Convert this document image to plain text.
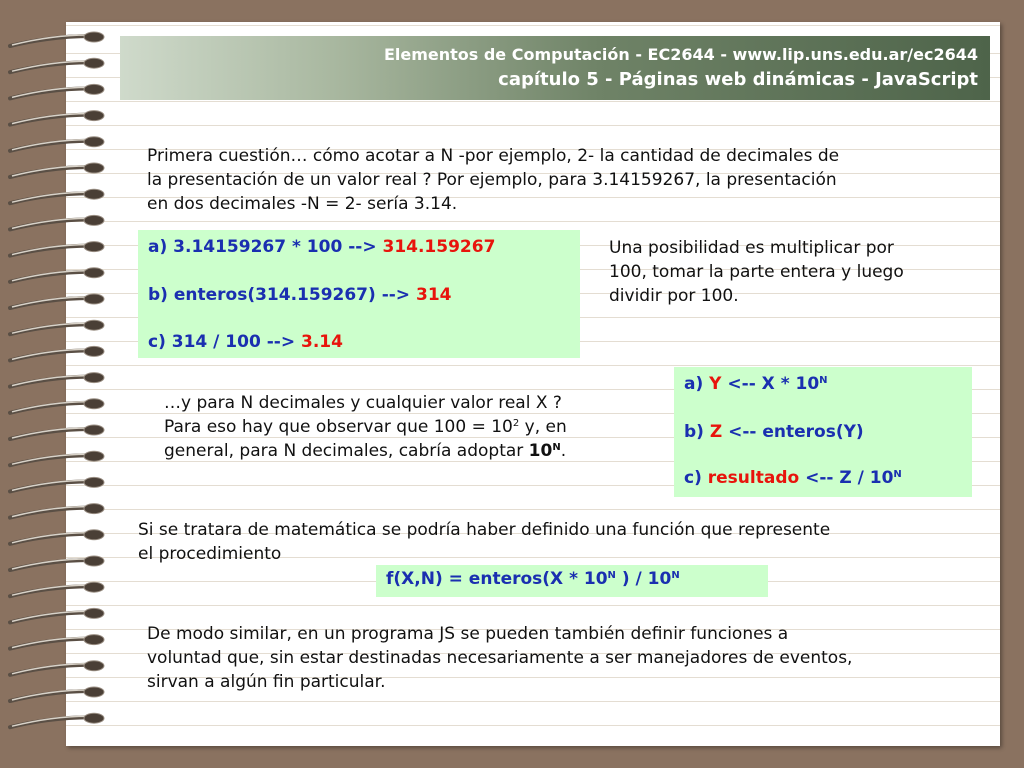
Elementos de Computación - EC2644 - www.lip.uns.edu.ar/ec2644
capítulo 5 - Páginas web dinámicas - JavaScript
Primera cuestión… cómo acotar a N -por ejemplo, 2- la cantidad de decimales de
la presentación de un valor real ? Por ejemplo, para 3.14159267, la presentación
en dos decimales -N = 2- sería 3.14.
a) 3.14159267 * 100 --> 314.159267
b) enteros(314.159267) --> 314
c) 314 / 100 --> 3.14
Una posibilidad es multiplicar por
100, tomar la parte entera y luego
dividir por 100.
a) Y <-- X * $10^N$
b) Z <-- enteros(Y)
c) resultado <-- Z / $10^N$
…y para N decimales y cualquier valor real X ?
Para eso hay que observar que $100 = 10^2$ y, en
general, para N decimales, cabría adoptar $10^N$.
Si se tratara de matemática se podría haber definido una función que represente
el procedimiento
f(X,N) = enteros(X * $10^N$ ) / $10^N$
De modo similar, en un programa JS se pueden también definir funciones a
voluntad que, sin estar destinadas necesariamente a ser manejadores de eventos,
sirvan a algún fin particular.
